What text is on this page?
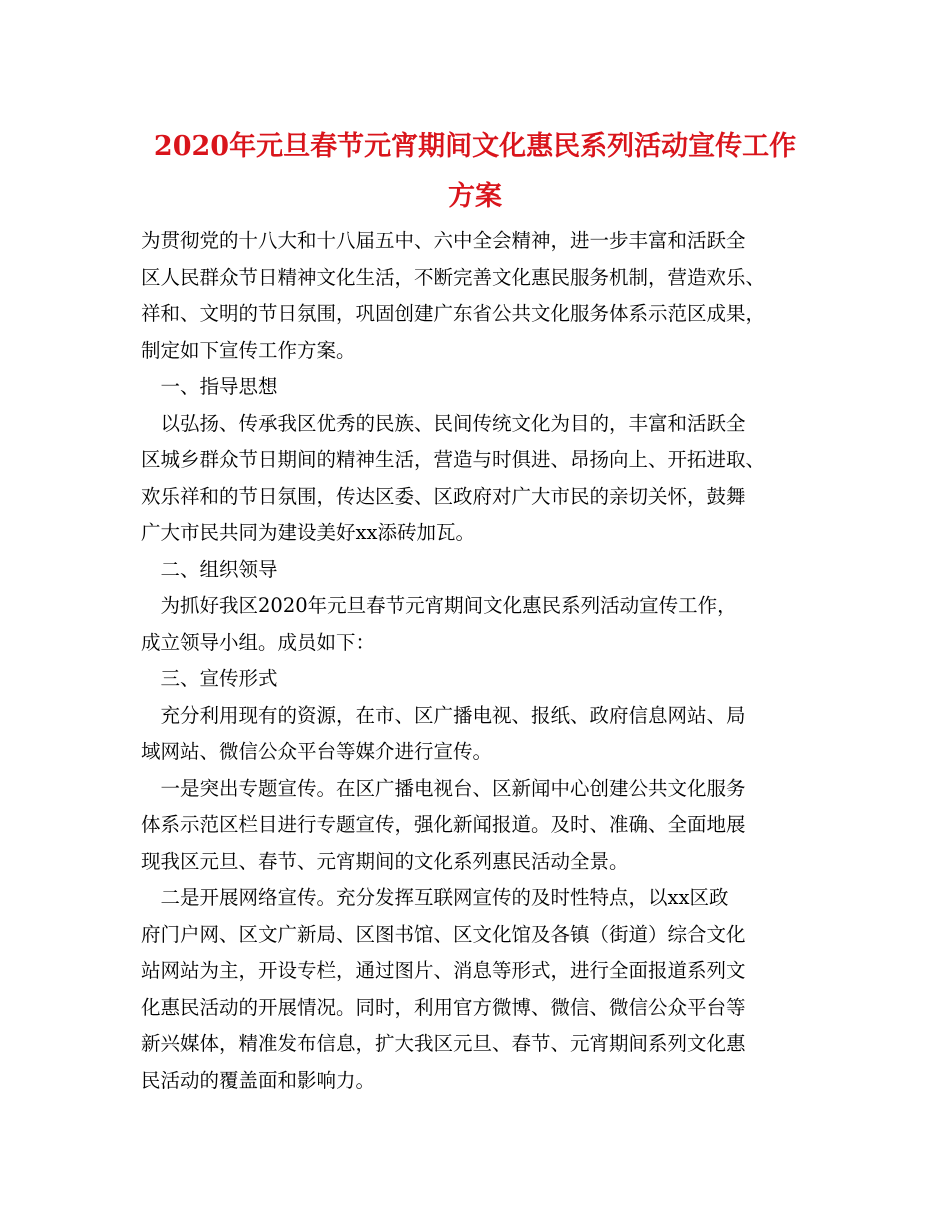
2020年元旦春节元宵期间文化惠民系列活动宣传工作
方案

为贯彻党的十八大和十八届五中、六中全会精神，进一步丰富和活跃全

区人民群众节日精神文化生活，不断完善文化惠民服务机制，营造欢乐、

祥和、文明的节日氛围，巩固创建广东省公共文化服务体系示范区成果，

制定如下宣传工作方案。

　一、指导思想

　以弘扬、传承我区优秀的民族、民间传统文化为目的，丰富和活跃全

区城乡群众节日期间的精神生活，营造与时俱进、昂扬向上、开拓进取、

欢乐祥和的节日氛围，传达区委、区政府对广大市民的亲切关怀，鼓舞

广大市民共同为建设美好xx添砖加瓦。

　二、组织领导

　为抓好我区2020年元旦春节元宵期间文化惠民系列活动宣传工作，

成立领导小组。成员如下：

　三、宣传形式

　充分利用现有的资源，在市、区广播电视、报纸、政府信息网站、局

域网站、微信公众平台等媒介进行宣传。

　一是突出专题宣传。在区广播电视台、区新闻中心创建公共文化服务

体系示范区栏目进行专题宣传，强化新闻报道。及时、准确、全面地展

现我区元旦、春节、元宵期间的文化系列惠民活动全景。

　二是开展网络宣传。充分发挥互联网宣传的及时性特点，以xx区政

府门户网、区文广新局、区图书馆、区文化馆及各镇（街道）综合文化

站网站为主，开设专栏，通过图片、消息等形式，进行全面报道系列文

化惠民活动的开展情况。同时，利用官方微博、微信、微信公众平台等

新兴媒体，精准发布信息，扩大我区元旦、春节、元宵期间系列文化惠

民活动的覆盖面和影响力。
